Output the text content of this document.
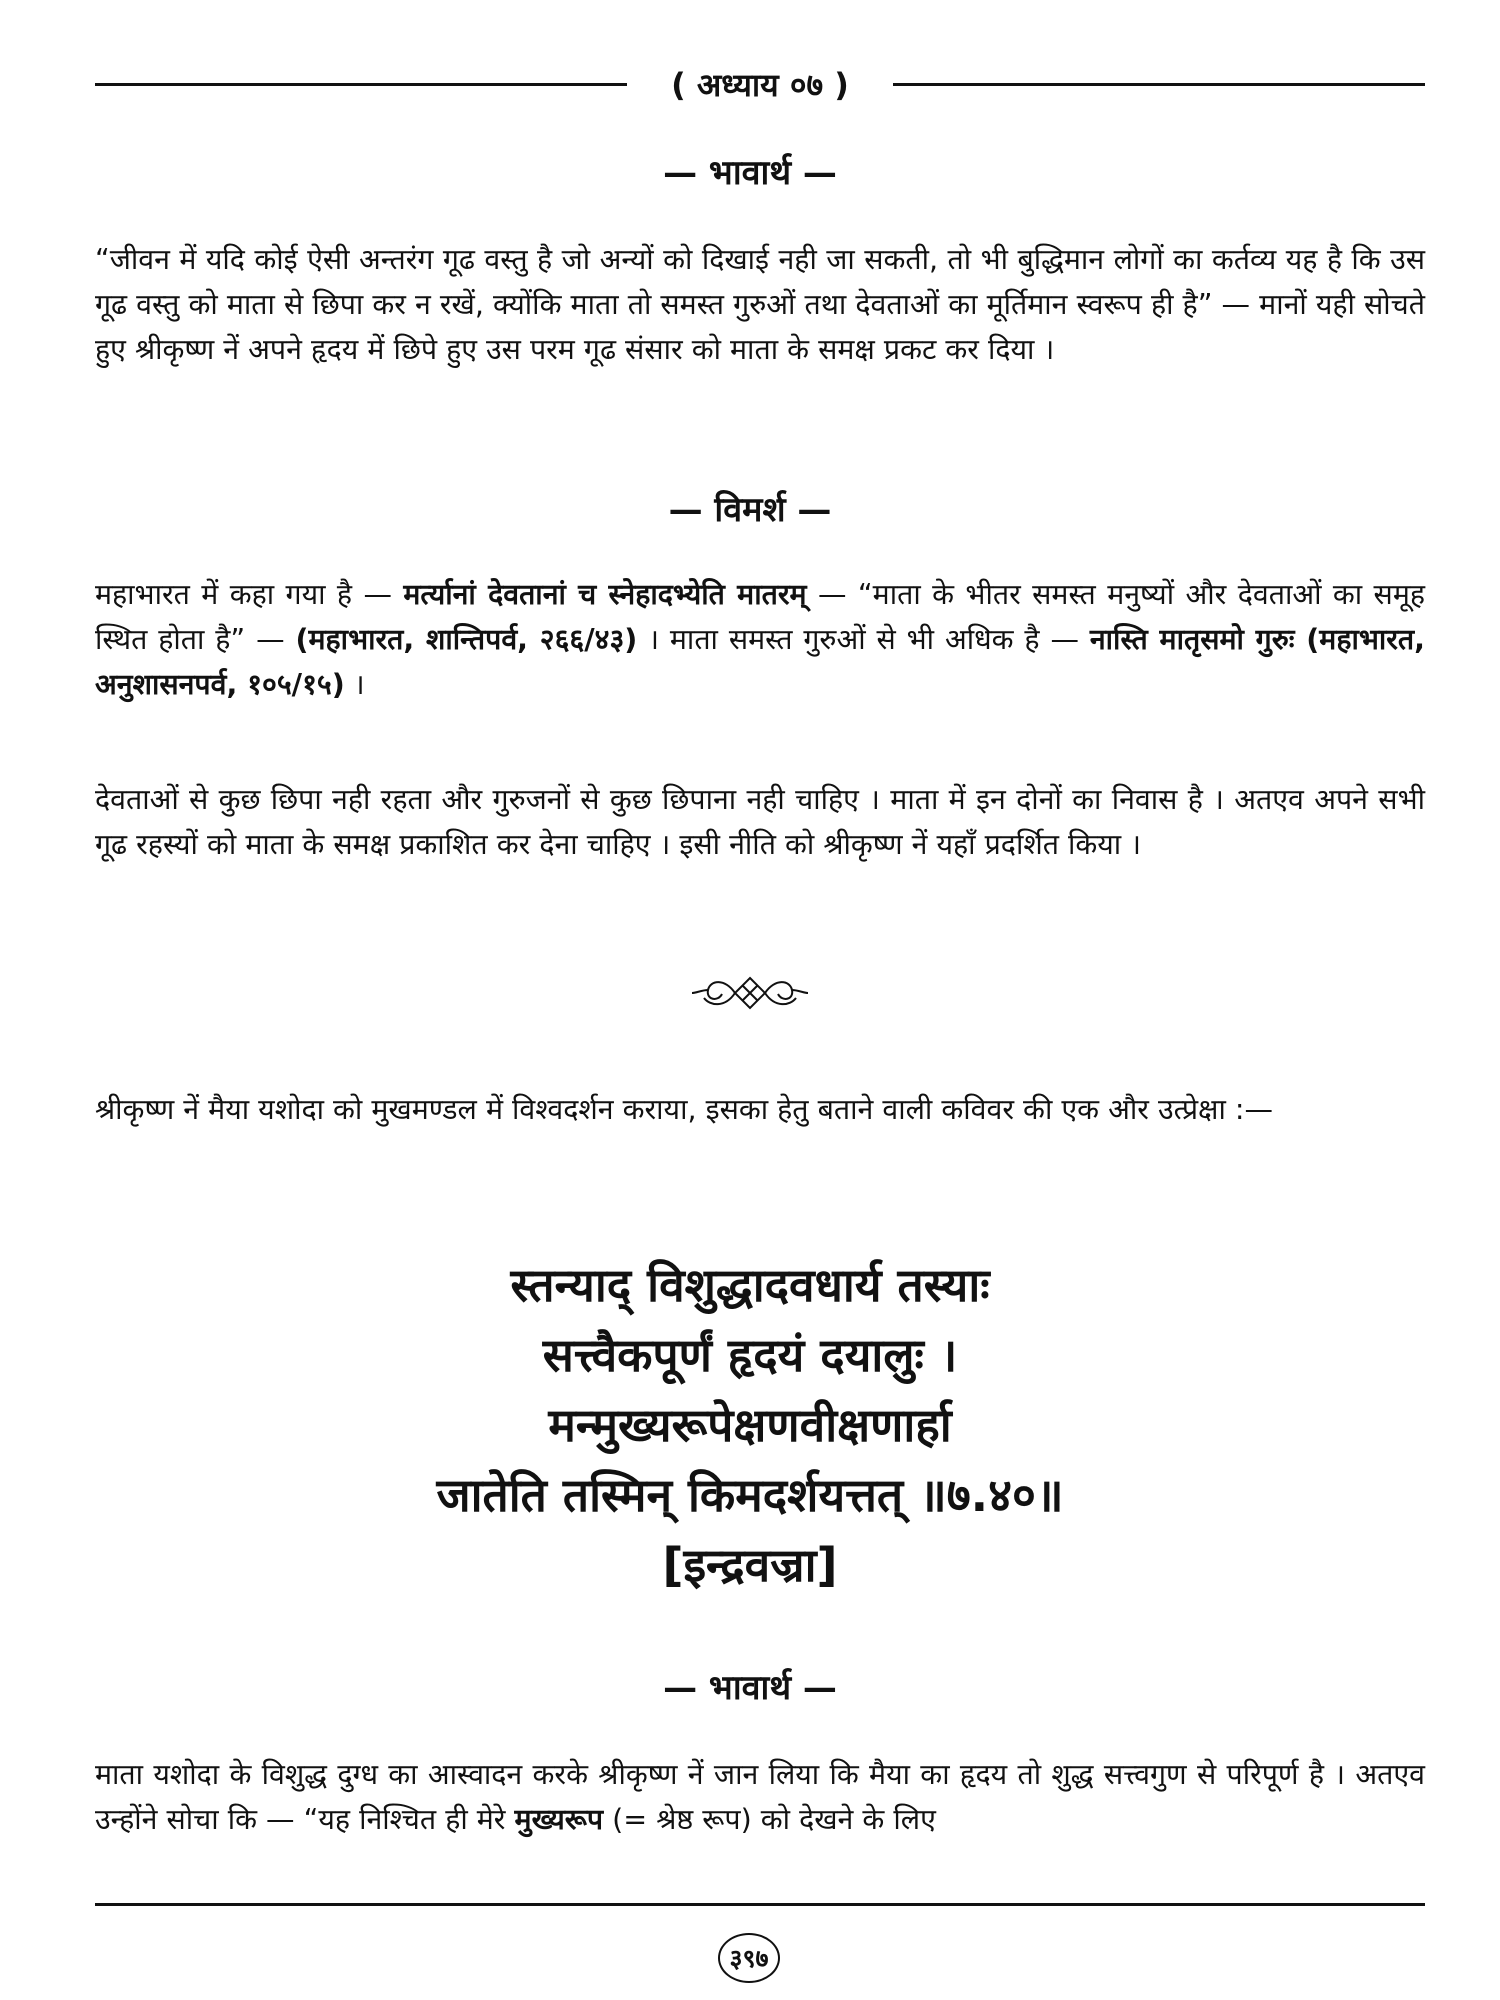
( अध्याय ०७ )
— भावार्थ —

“जीवन में यदि कोई ऐसी अन्तरंग गूढ वस्तु है जो अन्यों को दिखाई नही जा सकती, तो भी बुद्धिमान लोगों का कर्तव्य यह है कि उस गूढ वस्तु को माता से छिपा कर न रखें, क्योंकि माता तो समस्त गुरुओं तथा देवताओं का मूर्तिमान स्वरूप ही है” — मानों यही सोचते हुए श्रीकृष्ण नें अपने हृदय में छिपे हुए उस परम गूढ संसार को माता के समक्ष प्रकट कर दिया ।

— विमर्श —

महाभारत में कहा गया है — मर्त्यानां देवतानां च स्नेहादभ्येति मातरम् — “माता के भीतर समस्त मनुष्यों और देवताओं का समूह स्थित होता है” — (महाभारत, शान्तिपर्व, २६६/४३) । माता समस्त गुरुओं से भी अधिक है — नास्ति मातृसमो गुरुः (महाभारत, अनुशासनपर्व, १०५/१५) ।

देवताओं से कुछ छिपा नही रहता और गुरुजनों से कुछ छिपाना नही चाहिए । माता में इन दोनों का निवास है । अतएव अपने सभी गूढ रहस्यों को माता के समक्ष प्रकाशित कर देना चाहिए । इसी नीति को श्रीकृष्ण नें यहाँ प्रदर्शित किया ।

श्रीकृष्ण नें मैया यशोदा को मुखमण्डल में विश्वदर्शन कराया, इसका हेतु बताने वाली कविवर की एक और उत्प्रेक्षा :—

स्तन्याद् विशुद्धादवधार्य तस्याः
सत्त्वैकपूर्णं हृदयं दयालुः ।
मन्मुख्यरूपेक्षणवीक्षणार्हा
जातेति तस्मिन् किमदर्शयत्तत् ॥७.४०॥
[इन्द्रवज्रा]
— भावार्थ —

माता यशोदा के विशुद्ध दुग्ध का आस्वादन करके श्रीकृष्ण नें जान लिया कि मैया का हृदय तो शुद्ध सत्त्वगुण से परिपूर्ण है । अतएव उन्होंने सोचा कि — “यह निश्चित ही मेरे मुख्यरूप (= श्रेष्ठ रूप) को देखने के लिए

३९७
